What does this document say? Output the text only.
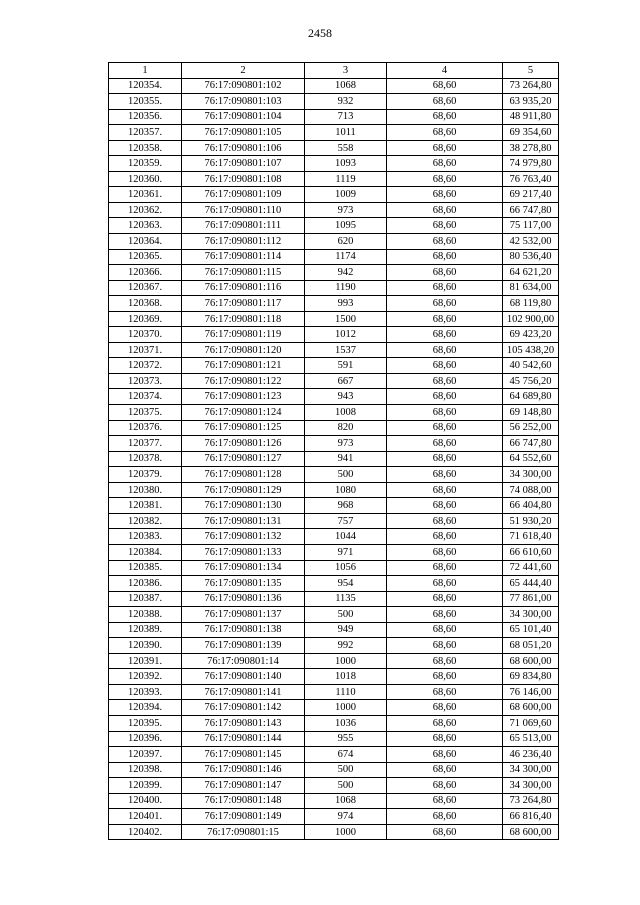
2458
1	2	3	4	5
120354.	76:17:090801:102	1068	68,60	73 264,80
120355.	76:17:090801:103	932	68,60	63 935,20
120356.	76:17:090801:104	713	68,60	48 911,80
120357.	76:17:090801:105	1011	68,60	69 354,60
120358.	76:17:090801:106	558	68,60	38 278,80
120359.	76:17:090801:107	1093	68,60	74 979,80
120360.	76:17:090801:108	1119	68,60	76 763,40
120361.	76:17:090801:109	1009	68,60	69 217,40
120362.	76:17:090801:110	973	68,60	66 747,80
120363.	76:17:090801:111	1095	68,60	75 117,00
120364.	76:17:090801:112	620	68,60	42 532,00
120365.	76:17:090801:114	1174	68,60	80 536,40
120366.	76:17:090801:115	942	68,60	64 621,20
120367.	76:17:090801:116	1190	68,60	81 634,00
120368.	76:17:090801:117	993	68,60	68 119,80
120369.	76:17:090801:118	1500	68,60	102 900,00
120370.	76:17:090801:119	1012	68,60	69 423,20
120371.	76:17:090801:120	1537	68,60	105 438,20
120372.	76:17:090801:121	591	68,60	40 542,60
120373.	76:17:090801:122	667	68,60	45 756,20
120374.	76:17:090801:123	943	68,60	64 689,80
120375.	76:17:090801:124	1008	68,60	69 148,80
120376.	76:17:090801:125	820	68,60	56 252,00
120377.	76:17:090801:126	973	68,60	66 747,80
120378.	76:17:090801:127	941	68,60	64 552,60
120379.	76:17:090801:128	500	68,60	34 300,00
120380.	76:17:090801:129	1080	68,60	74 088,00
120381.	76:17:090801:130	968	68,60	66 404,80
120382.	76:17:090801:131	757	68,60	51 930,20
120383.	76:17:090801:132	1044	68,60	71 618,40
120384.	76:17:090801:133	971	68,60	66 610,60
120385.	76:17:090801:134	1056	68,60	72 441,60
120386.	76:17:090801:135	954	68,60	65 444,40
120387.	76:17:090801:136	1135	68,60	77 861,00
120388.	76:17:090801:137	500	68,60	34 300,00
120389.	76:17:090801:138	949	68,60	65 101,40
120390.	76:17:090801:139	992	68,60	68 051,20
120391.	76:17:090801:14	1000	68,60	68 600,00
120392.	76:17:090801:140	1018	68,60	69 834,80
120393.	76:17:090801:141	1110	68,60	76 146,00
120394.	76:17:090801:142	1000	68,60	68 600,00
120395.	76:17:090801:143	1036	68,60	71 069,60
120396.	76:17:090801:144	955	68,60	65 513,00
120397.	76:17:090801:145	674	68,60	46 236,40
120398.	76:17:090801:146	500	68,60	34 300,00
120399.	76:17:090801:147	500	68,60	34 300,00
120400.	76:17:090801:148	1068	68,60	73 264,80
120401.	76:17:090801:149	974	68,60	66 816,40
120402.	76:17:090801:15	1000	68,60	68 600,00
